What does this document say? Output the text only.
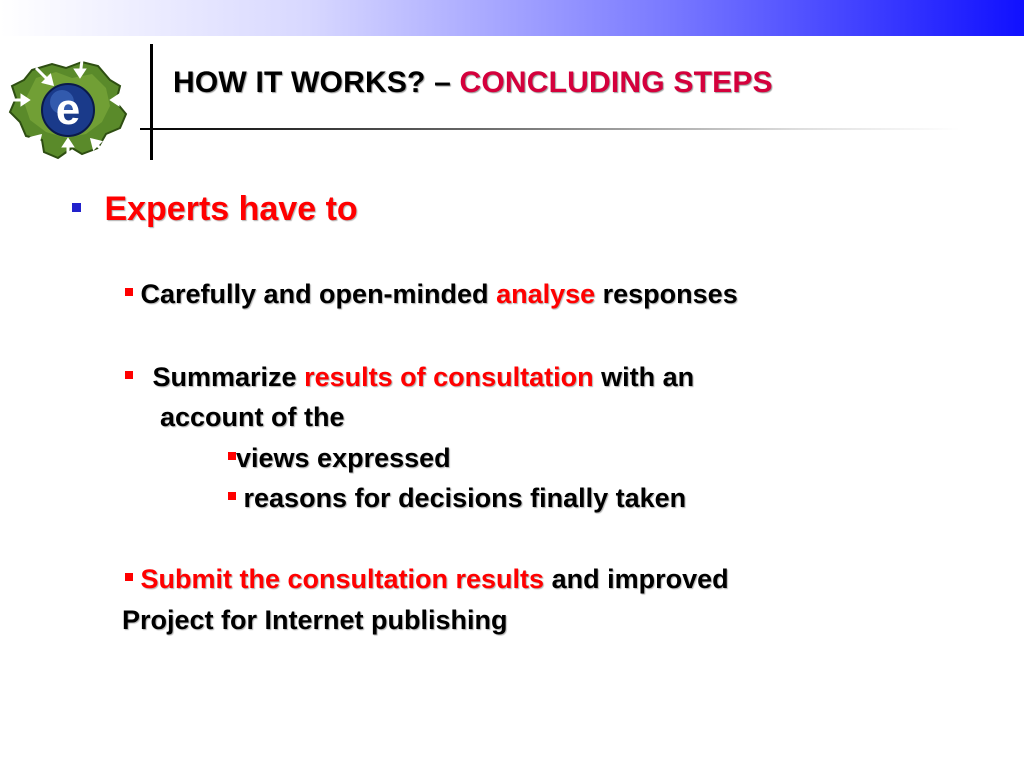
e
HOW IT WORKS? – CONCLUDING STEPS
Experts have to
Carefully and open-minded analyse responses
Summarize results of consultation with an
account of the
views expressed
reasons for decisions finally taken
Submit the consultation results and improved
Project for Internet publishing
